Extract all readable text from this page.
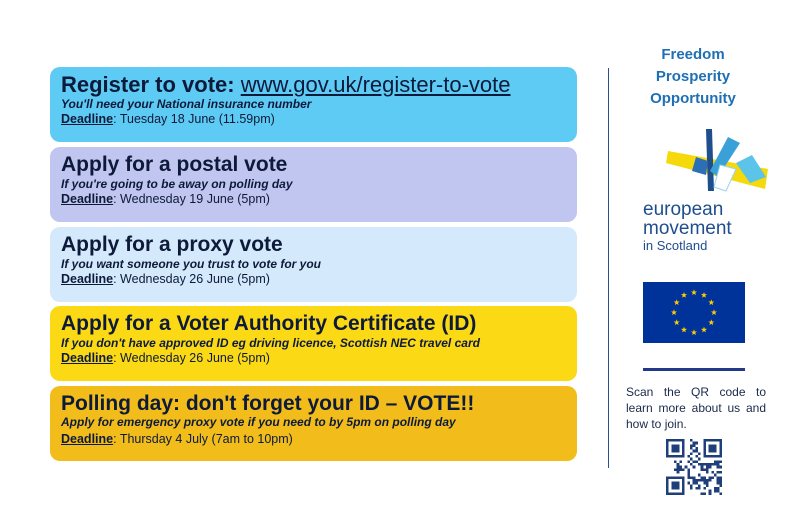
Register to vote: www.gov.uk/register-to-vote
You'll need your National insurance number
Deadline: Tuesday 18 June (11.59pm)
Apply for a postal vote
If you're going to be away on polling day
Deadline: Wednesday 19 June (5pm)
Apply for a proxy vote
If you want someone you trust to vote for you
Deadline: Wednesday 26 June (5pm)
Apply for a Voter Authority Certificate (ID)
If you don't have approved ID eg driving licence, Scottish NEC travel card
Deadline: Wednesday 26 June (5pm)
Polling day: don't forget your ID – VOTE!!
Apply for emergency proxy vote if you need to by 5pm on polling day
Deadline: Thursday 4 July (7am to 10pm)
Freedom
Prosperity
Opportunity
european
movement
in Scotland
Scan the QR code to learn more about us and how to join.
